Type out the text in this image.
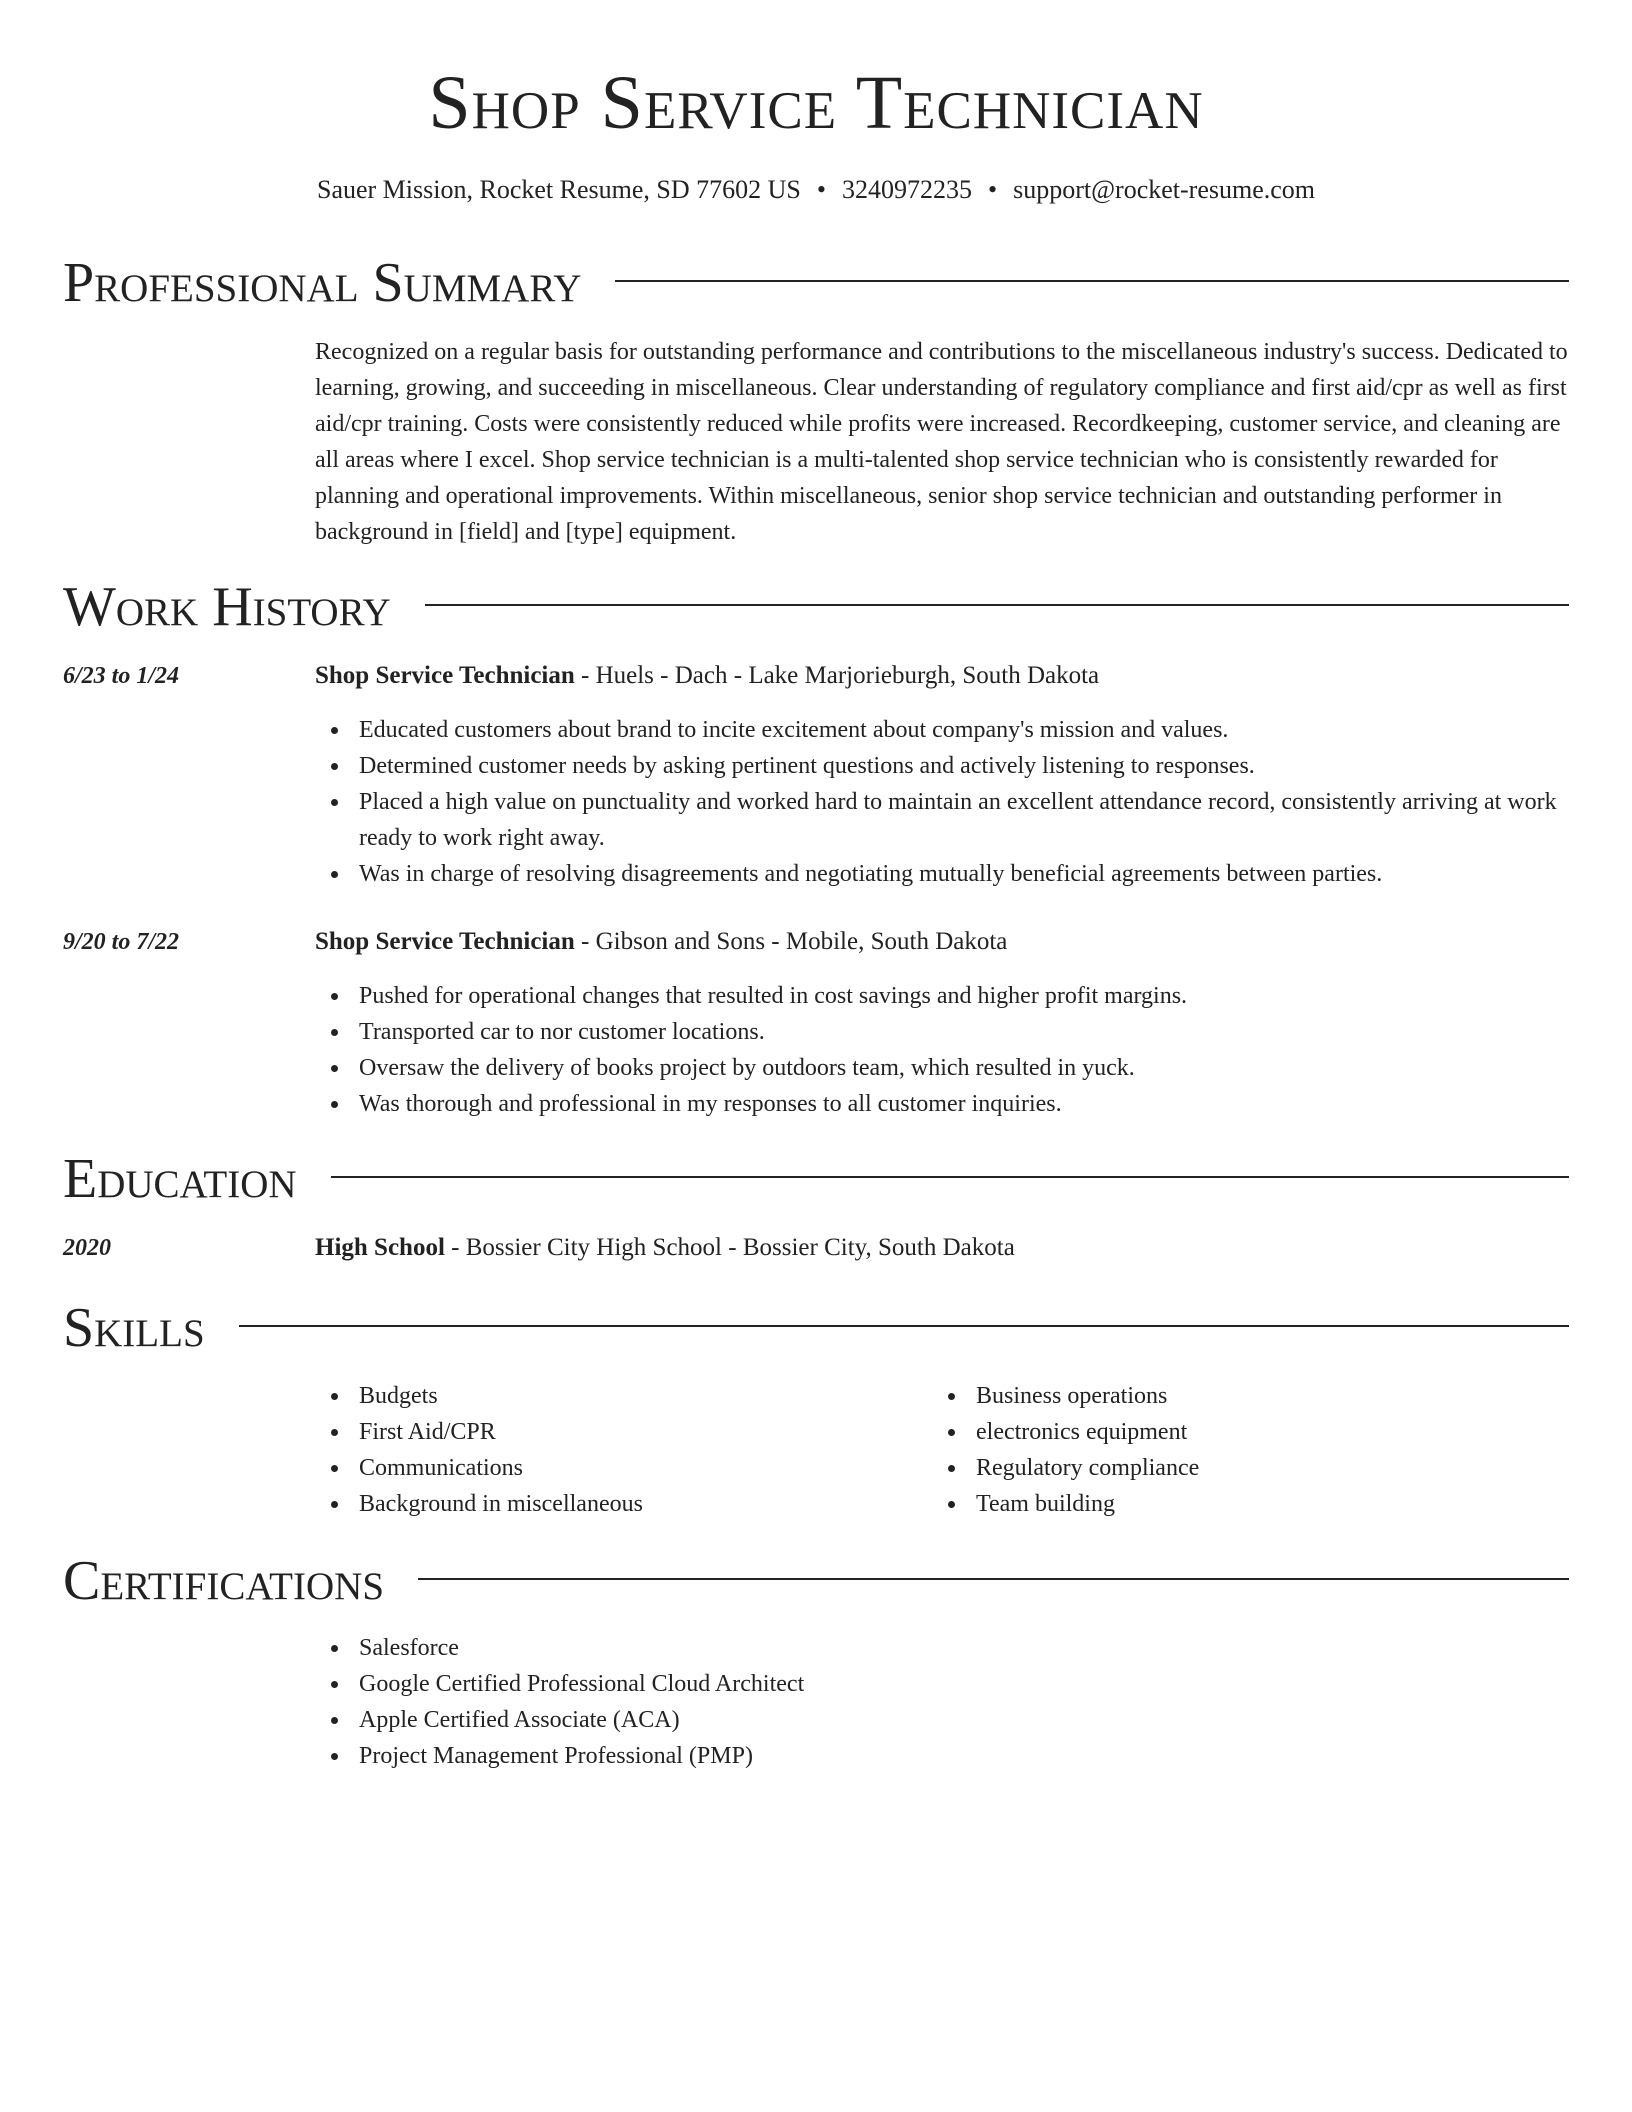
Shop Service Technician
Sauer Mission, Rocket Resume, SD 77602 US • 3240972235 • support@rocket-resume.com
Professional Summary

Recognized on a regular basis for outstanding performance and contributions to the miscellaneous industry's success. Dedicated to learning, growing, and succeeding in miscellaneous. Clear understanding of regulatory compliance and first aid/cpr as well as first aid/cpr training. Costs were consistently reduced while profits were increased. Recordkeeping, customer service, and cleaning are all areas where I excel. Shop service technician is a multi-talented shop service technician who is consistently rewarded for planning and operational improvements. Within miscellaneous, senior shop service technician and outstanding performer in background in [field] and [type] equipment.

Work History
6/23 to 1/24	Shop Service Technician - Huels - Dach - Lake Marjorieburgh, South Dakota
Educated customers about brand to incite excitement about company's mission and values.
Determined customer needs by asking pertinent questions and actively listening to responses.
Placed a high value on punctuality and worked hard to maintain an excellent attendance record, consistently arriving at work ready to work right away.
Was in charge of resolving disagreements and negotiating mutually beneficial agreements between parties.
9/20 to 7/22	Shop Service Technician - Gibson and Sons - Mobile, South Dakota
Pushed for operational changes that resulted in cost savings and higher profit margins.
Transported car to nor customer locations.
Oversaw the delivery of books project by outdoors team, which resulted in yuck.
Was thorough and professional in my responses to all customer inquiries.
Education
2020	High School - Bossier City High School - Bossier City, South Dakota
Skills
Budgets
First Aid/CPR
Communications
Background in miscellaneous
Business operations
electronics equipment
Regulatory compliance
Team building
Certifications
Salesforce
Google Certified Professional Cloud Architect
Apple Certified Associate (ACA)
Project Management Professional (PMP)
